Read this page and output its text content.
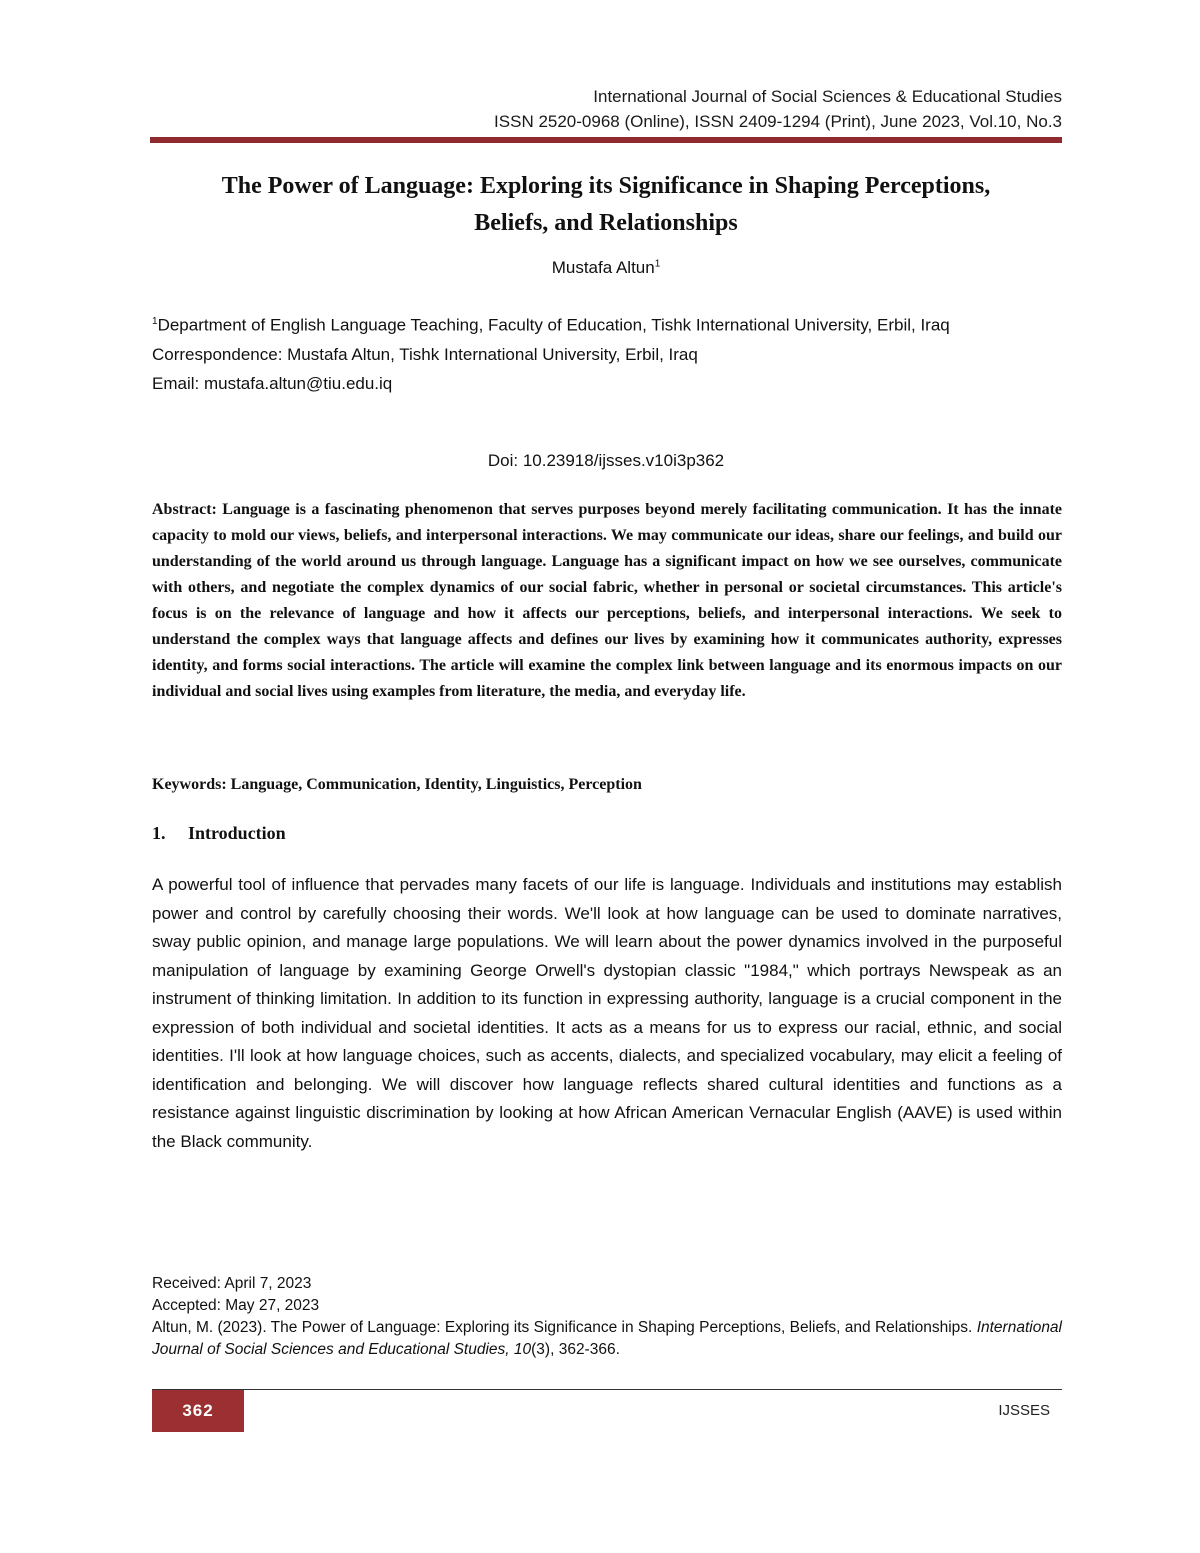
International Journal of Social Sciences & Educational Studies
ISSN 2520-0968 (Online), ISSN 2409-1294 (Print), June 2023, Vol.10, No.3
The Power of Language: Exploring its Significance in Shaping Perceptions,
Beliefs, and Relationships
Mustafa Altun$^1$
$^1$Department of English Language Teaching, Faculty of Education, Tishk International University, Erbil, Iraq
Correspondence: Mustafa Altun, Tishk International University, Erbil, Iraq
Email: mustafa.altun@tiu.edu.iq
Doi: 10.23918/ijsses.v10i3p362
Abstract: Language is a fascinating phenomenon that serves purposes beyond merely facilitating communication. It has the innate capacity to mold our views, beliefs, and interpersonal interactions. We may communicate our ideas, share our feelings, and build our understanding of the world around us through language. Language has a significant impact on how we see ourselves, communicate with others, and negotiate the complex dynamics of our social fabric, whether in personal or societal circumstances. This article's focus is on the relevance of language and how it affects our perceptions, beliefs, and interpersonal interactions. We seek to understand the complex ways that language affects and defines our lives by examining how it communicates authority, expresses identity, and forms social interactions. The article will examine the complex link between language and its enormous impacts on our individual and social lives using examples from literature, the media, and everyday life.
Keywords: Language, Communication, Identity, Linguistics, Perception
1. Introduction
A powerful tool of influence that pervades many facets of our life is language. Individuals and institutions may establish power and control by carefully choosing their words. We'll look at how language can be used to dominate narratives, sway public opinion, and manage large populations. We will learn about the power dynamics involved in the purposeful manipulation of language by examining George Orwell's dystopian classic "1984," which portrays Newspeak as an instrument of thinking limitation. In addition to its function in expressing authority, language is a crucial component in the expression of both individual and societal identities. It acts as a means for us to express our racial, ethnic, and social identities. I'll look at how language choices, such as accents, dialects, and specialized vocabulary, may elicit a feeling of identification and belonging. We will discover how language reflects shared cultural identities and functions as a resistance against linguistic discrimination by looking at how African American Vernacular English (AAVE) is used within the Black community.
Received: April 7, 2023
Accepted: May 27, 2023
Altun, M. (2023). The Power of Language: Exploring its Significance in Shaping Perceptions, Beliefs, and Relationships. International Journal of Social Sciences and Educational Studies, 10(3), 362-366.
362	IJSSES
